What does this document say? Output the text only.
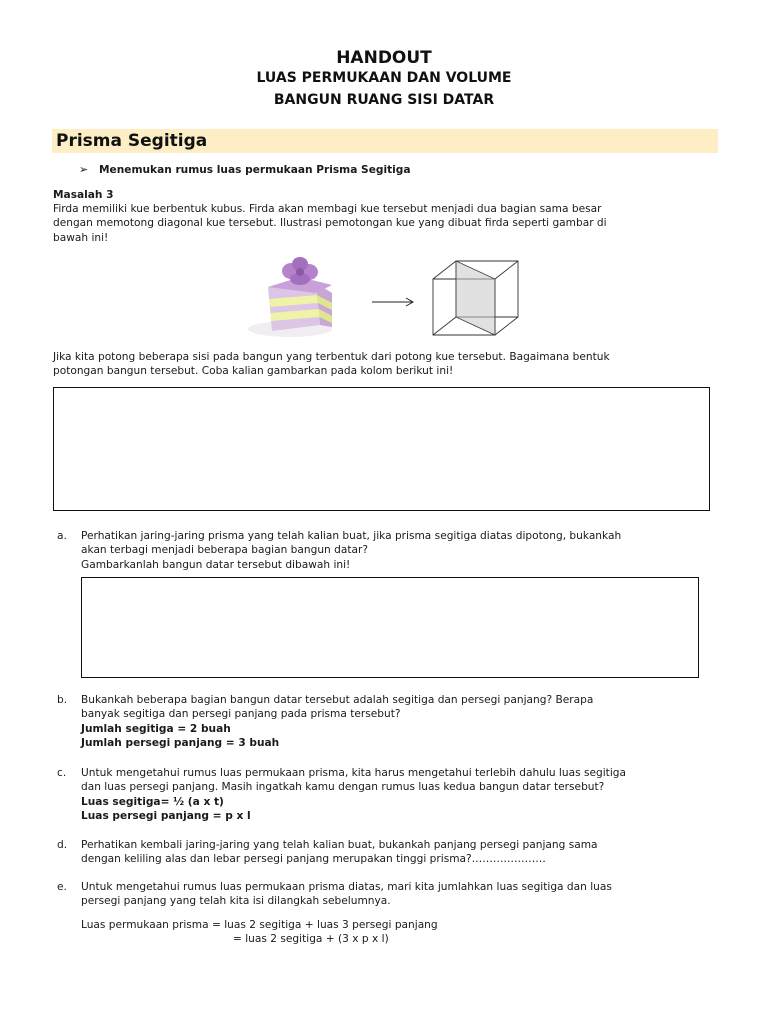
HANDOUT
LUAS PERMUKAAN DAN VOLUME
BANGUN RUANG SISI DATAR
Prisma Segitiga
➢ Menemukan rumus luas permukaan Prisma Segitiga
Masalah 3
Firda memiliki kue berbentuk kubus. Firda akan membagi kue tersebut menjadi dua bagian sama besar
dengan memotong diagonal kue tersebut. Ilustrasi pemotongan kue yang dibuat firda seperti gambar di
bawah ini!
Jika kita potong beberapa sisi pada bangun yang terbentuk dari potong kue tersebut. Bagaimana bentuk
potongan bangun tersebut. Coba kalian gambarkan pada kolom berikut ini!
a. Perhatikan jaring-jaring prisma yang telah kalian buat, jika prisma segitiga diatas dipotong, bukankah
akan terbagi menjadi beberapa bagian bangun datar?
Gambarkanlah bangun datar tersebut dibawah ini!
b. Bukankah beberapa bagian bangun datar tersebut adalah segitiga dan persegi panjang? Berapa
banyak segitiga dan persegi panjang pada prisma tersebut?
Jumlah segitiga = 2 buah
Jumlah persegi panjang = 3 buah
c. Untuk mengetahui rumus luas permukaan prisma, kita harus mengetahui terlebih dahulu luas segitiga
dan luas persegi panjang. Masih ingatkah kamu dengan rumus luas kedua bangun datar tersebut?
Luas segitiga= ½ (a x t)
Luas persegi panjang = p x l
d. Perhatikan kembali jaring-jaring yang telah kalian buat, bukankah panjang persegi panjang sama
dengan keliling alas dan lebar persegi panjang merupakan tinggi prisma?…………………
e. Untuk mengetahui rumus luas permukaan prisma diatas, mari kita jumlahkan luas segitiga dan luas
persegi panjang yang telah kita isi dilangkah sebelumnya.
Luas permukaan prisma = luas 2 segitiga + luas 3 persegi panjang
= luas 2 segitiga + (3 x p x l)
